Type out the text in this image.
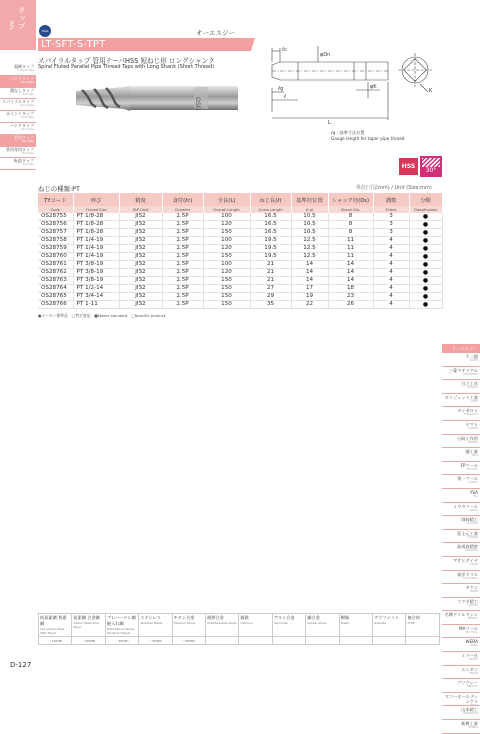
タップ
TAPS
超硬タップ
Carbide Taps
ハンドタップ
Hand Taps
溝なしタップ
Roll Taps
スパイラルタップ
Spiral Taps
ポイントタップ
Point Taps
ハンドタップ
Hand Taps
管用タップ
Pipe Taps
管用専用タップ
Pipe Taps
転造タップ
Roll Taps
OSG	オーエスジー
LT-SFT-S-TPT
スパイラルタップ 管用テーパHSS 短ねじ形 ロングシャンク
Spiral Fluted Parallel Pipe Thread Taps with Long Shank (Short Thread)
OSG
ℓc
φDn
ℓg
ℓ
L
φK
K
ℓg : 基準寸法位置
Gauge length for taper pipe thread
HSS
30°
ねじの種類:PT	単位(寸法mm) / Unit (Size:mm)
TYコード	呼び	精度	食付(ℓc)	全長(L)	ねじ長(ℓ)	基準径位置	シャンク径(Ds)	溝数	分類
Code	Thread Size	TAP Limit	Chamfer	Overall Length	Screw Length	(ℓ g)	Shank Dia.	Flutes	Classification
OS28755	PT 1/8-28	JIS2	2.5P	100	16.5	10.5	8	3	●
OS28756	PT 1/8-28	JIS2	2.5P	120	16.5	10.5	8	3	●
OS28757	PT 1/8-28	JIS2	2.5P	150	16.5	10.5	8	3	●
OS28758	PT 1/4-19	JIS2	2.5P	100	19.5	12.5	11	4	●
OS28759	PT 1/4-19	JIS2	2.5P	120	19.5	12.5	11	4	●
OS28760	PT 1/4-19	JIS2	2.5P	150	19.5	12.5	11	4	●
OS28761	PT 3/8-19	JIS2	2.5P	100	21	14	14	4	●
OS28762	PT 3/8-19	JIS2	2.5P	120	21	14	14	4	●
OS28763	PT 3/8-19	JIS2	2.5P	150	21	14	14	4	●
OS28764	PT 1/2-14	JIS2	2.5P	150	27	17	18	4	●
OS28765	PT 3/4-14	JIS2	2.5P	150	29	19	23	4	●
OS28766	PT 1-11	JIS2	2.5P	150	35	22	26	4	●
●メーカー標準品　□特定商品　■Maker standard　□Specific product
オーエスジー
不二越
NACHI
三菱マテリアル
MITSUBISHI
日立工具
HITACHI
ダイジェット工業
DIJET
タンガロイ
TUNGALOY
ヤマト
YAMATO
日研工作所
NIKKEN
彌工業
IZAR
FPツール
FP TOOL
第一ツール
DAIICHI
YSA
YSA
イワタツール
IWATA
岡崎精工
OKAZAKI
富士元工業
FUJIGEN
高周波精密
KOSHUHA
アサヒダイヤ
ASAHI
東洋ドリル
TOYO DRILL
ギケン
GIKEN
フクダ精工
FUKUDA
名興ドリルマシン
MEIKOH
MAツール
MA TOOL
WEBA
WEBA
ミラー社
MILLER
エンギン
ENGIN
ブリクレー
BRIQLEY
ワコーホールディングス
WAKO
山本精工
YAMAMOTO
新興工業
SHINKO
低炭素鋼 普通鋼
Low Carbon Steel (Mild Steel)	炭素鋼 合金鋼
Carbon Steel Alloy Steel	プレハードン鋼 焼入れ鋼
Prehardened Steels Hardened Steels	ステンレス
Stainless Steels	チタン合金
Titanium Alloys	耐熱合金
Heat Resistant Alloys	鋳鉄
Cast Iron	アルミ合金
Aluminum	銅合金
Copper Alloys	樹脂
Plastic	グラファイト
Graphite	複合材
CFRP

〜120HB	〜300HB	〜35HRC	〜45HRC	〜55HRC							
D-127
